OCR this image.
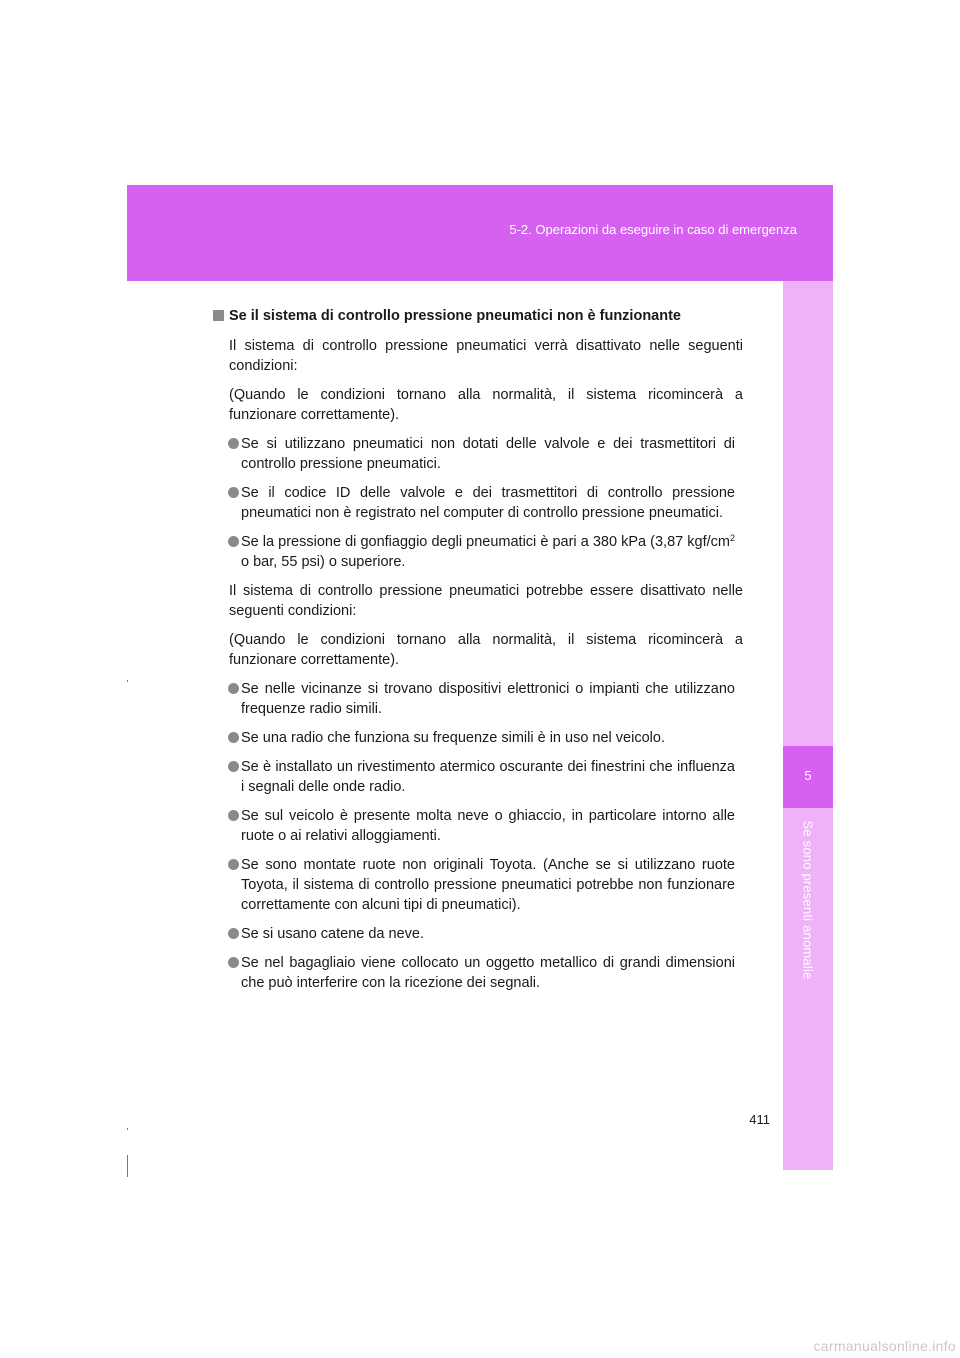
5-2. Operazioni da eseguire in caso di emergenza
5
Se sono presenti anomalie

Se il sistema di controllo pressione pneumatici non è funzionante

Il sistema di controllo pressione pneumatici verrà disattivato nelle seguenti condizioni:

(Quando le condizioni tornano alla normalità, il sistema ricomincerà a funzionare correttamente).

Se si utilizzano pneumatici non dotati delle valvole e dei trasmettitori di controllo pressione pneumatici.
Se il codice ID delle valvole e dei trasmettitori di controllo pressione pneumatici non è registrato nel computer di controllo pressione pneumatici.
Se la pressione di gonfiaggio degli pneumatici è pari a 380 kPa (3,87 kgf/$cm^2$ o bar, 55 psi) o superiore.

Il sistema di controllo pressione pneumatici potrebbe essere disattivato nelle seguenti condizioni:

(Quando le condizioni tornano alla normalità, il sistema ricomincerà a funzionare correttamente).

Se nelle vicinanze si trovano dispositivi elettronici o impianti che utilizzano frequenze radio simili.
Se una radio che funziona su frequenze simili è in uso nel veicolo.
Se è installato un rivestimento atermico oscurante dei finestrini che influenza i segnali delle onde radio.
Se sul veicolo è presente molta neve o ghiaccio, in particolare intorno alle ruote o ai relativi alloggiamenti.
Se sono montate ruote non originali Toyota. (Anche se si utilizzano ruote Toyota, il sistema di controllo pressione pneumatici potrebbe non funzionare correttamente con alcuni tipi di pneumatici).
Se si usano catene da neve.
Se nel bagagliaio viene collocato un oggetto metallico di grandi dimensioni che può interferire con la ricezione dei segnali.
411
carmanualsonline.info
